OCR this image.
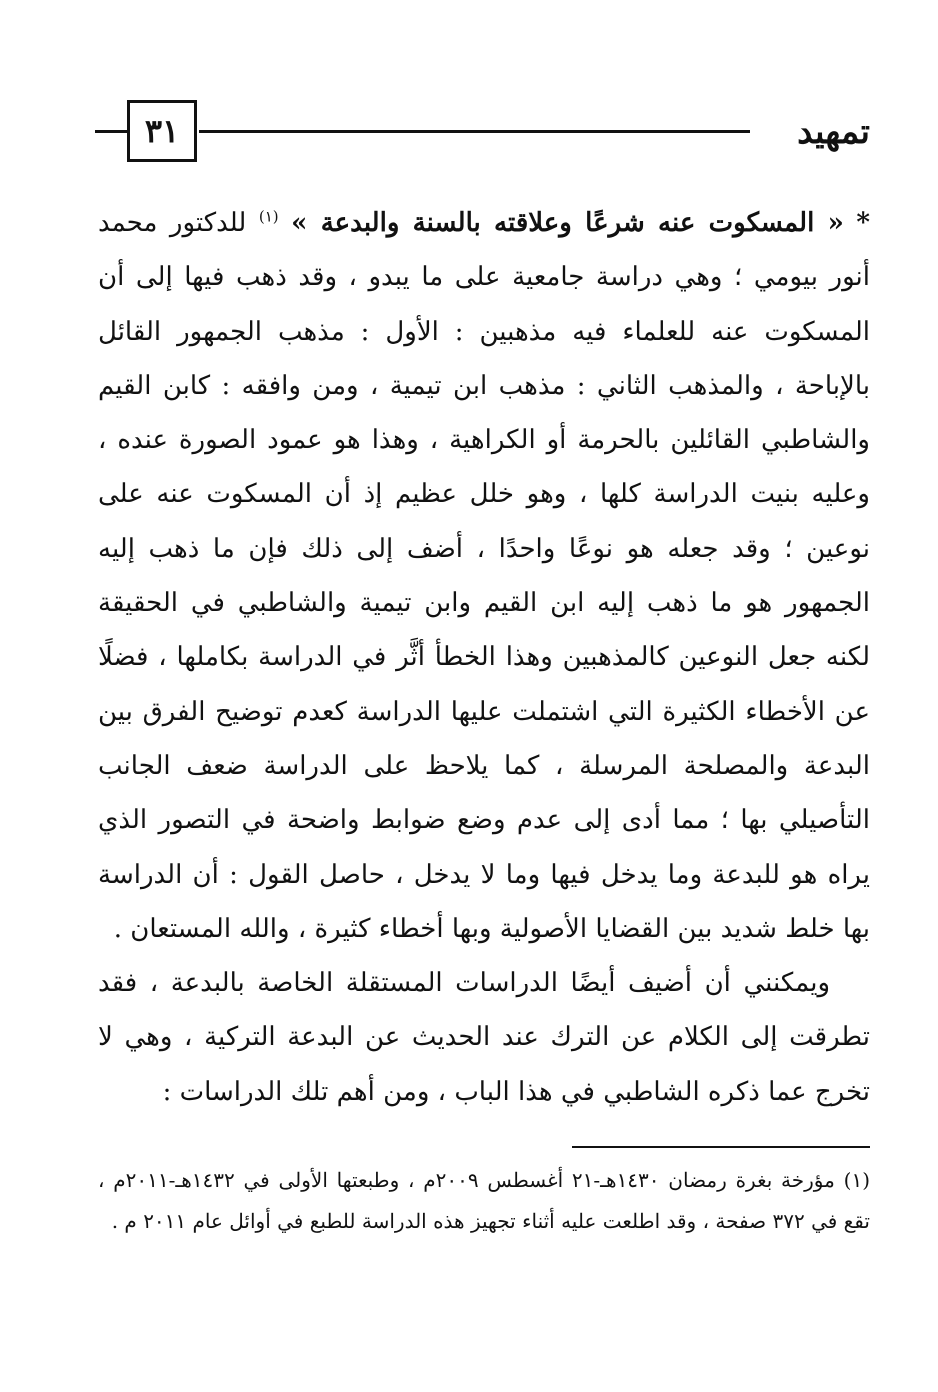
تمهيد
٣١

* « المسكوت عنه شرعًا وعلاقته بالسنة والبدعة » $^{(١)}$ للدكتور محمد أنور بيومي ؛ وهي دراسة جامعية على ما يبدو ، وقد ذهب فيها إلى أن المسكوت عنه للعلماء فيه مذهبين : الأول : مذهب الجمهور القائل بالإباحة ، والمذهب الثاني : مذهب ابن تيمية ، ومن وافقه : كابن القيم والشاطبي القائلين بالحرمة أو الكراهية ، وهذا هو عمود الصورة عنده ، وعليه بنيت الدراسة كلها ، وهو خلل عظيم إذ أن المسكوت عنه على نوعين ؛ وقد جعله هو نوعًا واحدًا ، أضف إلى ذلك فإن ما ذهب إليه الجمهور هو ما ذهب إليه ابن القيم وابن تيمية والشاطبي في الحقيقة لكنه جعل النوعين كالمذهبين وهذا الخطأ أثَّر في الدراسة بكاملها ، فضلًا عن الأخطاء الكثيرة التي اشتملت عليها الدراسة كعدم توضيح الفرق بين البدعة والمصلحة المرسلة ، كما يلاحظ على الدراسة ضعف الجانب التأصيلي بها ؛ مما أدى إلى عدم وضع ضوابط واضحة في التصور الذي يراه هو للبدعة وما يدخل فيها وما لا يدخل ، حاصل القول : أن الدراسة بها خلط شديد بين القضايا الأصولية وبها أخطاء كثيرة ، والله المستعان .

ويمكنني أن أضيف أيضًا الدراسات المستقلة الخاصة بالبدعة ، فقد تطرقت إلى الكلام عن الترك عند الحديث عن البدعة التركية ، وهي لا تخرج عما ذكره الشاطبي في هذا الباب ، ومن أهم تلك الدراسات :

(١) مؤرخة بغرة رمضان ١٤٣٠هـ-٢١ أغسطس ٢٠٠٩م ، وطبعتها الأولى في ١٤٣٢هـ-٢٠١١م ، تقع في ٣٧٢ صفحة ، وقد اطلعت عليه أثناء تجهيز هذه الدراسة للطبع في أوائل عام ٢٠١١ م .
